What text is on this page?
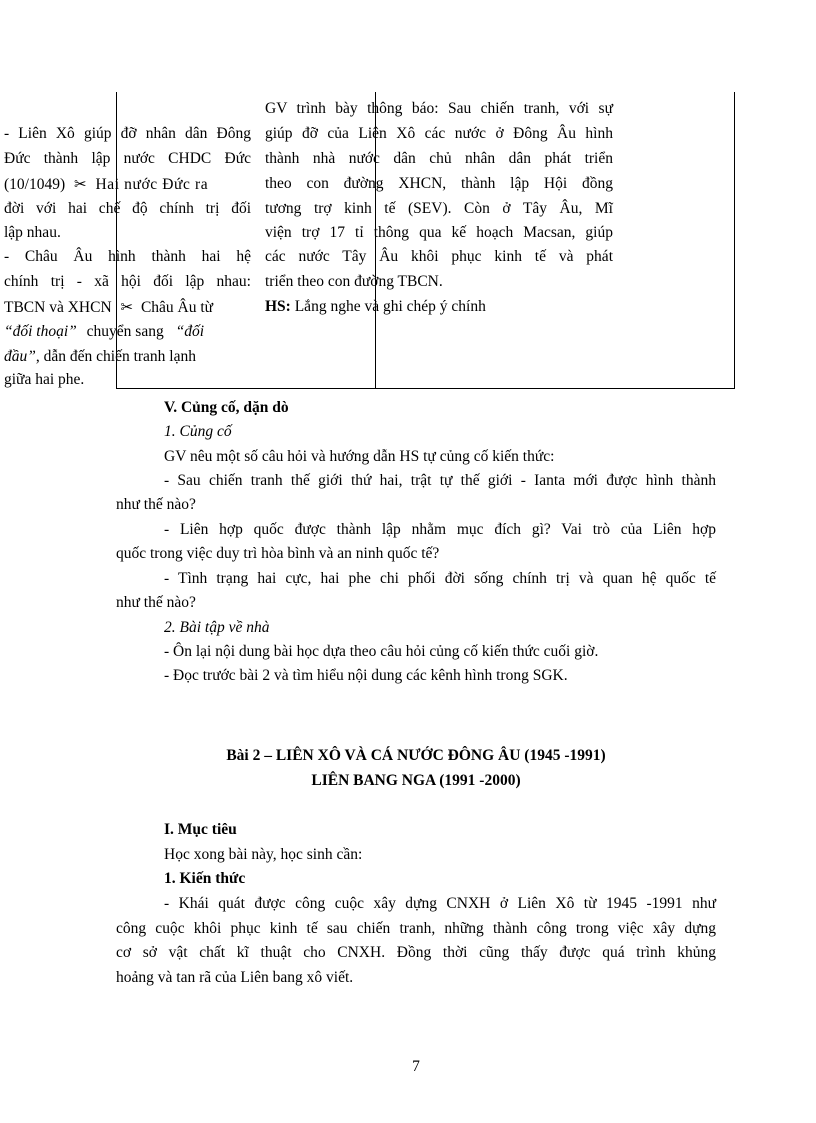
- Liên Xô giúp đỡ nhân dân Đông
Đức thành lập nước CHDC Đức
(10/1049) ✂ Hai nước Đức ra
đời với hai chế độ chính trị đối
lập nhau.
- Châu Âu hình thành hai hệ
chính trị - xã hội đối lập nhau:
TBCN và XHCN ✂ Châu Âu từ
“đối thoại” chuyển sang “đối
đầu”, dẫn đến chiến tranh lạnh
giữa hai phe.
GV trình bày thông báo: Sau chiến tranh, với sự
giúp đỡ của Liên Xô các nước ở Đông Âu hình
thành nhà nước dân chủ nhân dân phát triển
theo con đường XHCN, thành lập Hội đồng
tương trợ kinh tế (SEV). Còn ở Tây Âu, Mĩ
viện trợ 17 tỉ thông qua kế hoạch Macsan, giúp
các nước Tây Âu khôi phục kinh tế và phát
triển theo con đường TBCN.
HS: Lắng nghe và ghi chép ý chính
V. Củng cố, dặn dò
1. Củng cố
GV nêu một số câu hỏi và hướng dẫn HS tự củng cố kiến thức:
- Sau chiến tranh thế giới thứ hai, trật tự thế giới - Ianta mới được hình thành
như thế nào?
- Liên hợp quốc được thành lập nhằm mục đích gì? Vai trò của Liên hợp
quốc trong việc duy trì hòa bình và an ninh quốc tế?
- Tình trạng hai cực, hai phe chi phối đời sống chính trị và quan hệ quốc tế
như thế nào?
2. Bài tập về nhà
- Ôn lại nội dung bài học dựa theo câu hỏi củng cố kiến thức cuối giờ.
- Đọc trước bài 2 và tìm hiểu nội dung các kênh hình trong SGK.
Bài 2 – LIÊN XÔ VÀ CÁ NƯỚC ĐÔNG ÂU (1945 -1991)
LIÊN BANG NGA (1991 -2000)
I. Mục tiêu
Học xong bài này, học sinh cần:
1. Kiến thức
- Khái quát được công cuộc xây dựng CNXH ở Liên Xô từ 1945 -1991 như
công cuộc khôi phục kinh tế sau chiến tranh, những thành công trong việc xây dựng
cơ sở vật chất kĩ thuật cho CNXH. Đồng thời cũng thấy được quá trình khủng
hoảng và tan rã của Liên bang xô viết.
7
